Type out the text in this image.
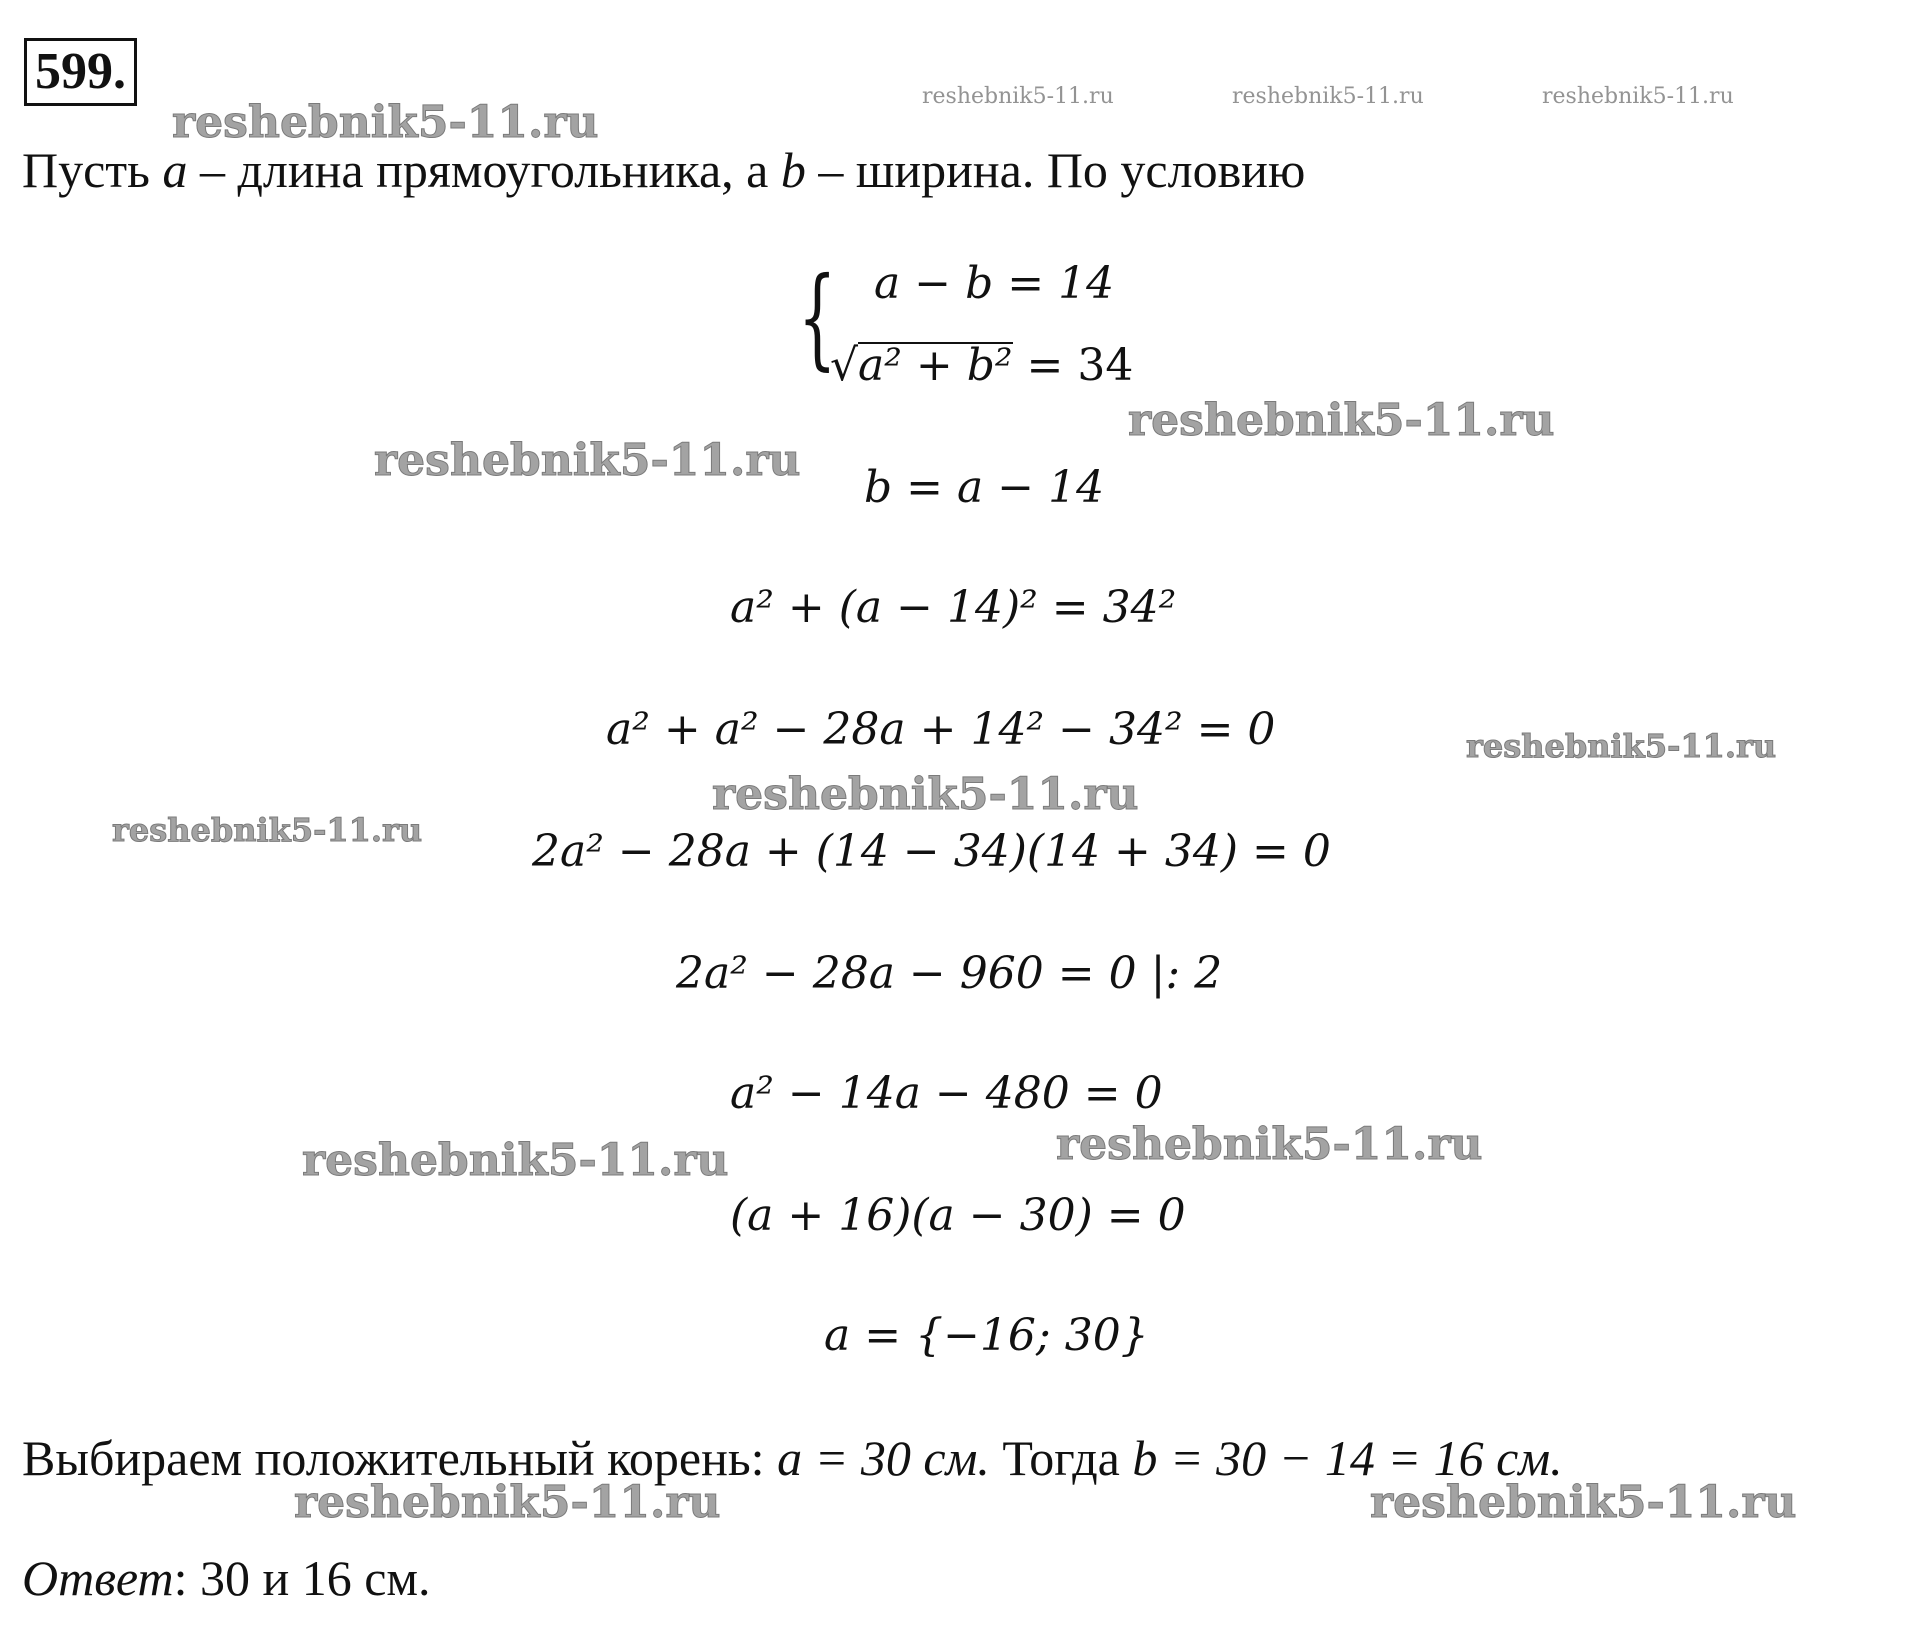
599.
reshebnik5-11.ru
reshebnik5-11.ru	reshebnik5-11.ru	reshebnik5-11.ru
reshebnik5-11.ru
reshebnik5-11.ru
reshebnik5-11.ru
reshebnik5-11.ru
reshebnik5-11.ru
reshebnik5-11.ru
reshebnik5-11.ru
reshebnik5-11.ru	reshebnik5-11.ru
Пусть a – длина прямоугольника, а b – ширина. По условию
{ a − b = 14
√
a² + b² = 34
b = a − 14
a² + (a − 14)² = 34²
a² + a² − 28a + 14² − 34² = 0
2a² − 28a + (14 − 34)(14 + 34) = 0
2a² − 28a − 960 = 0 |: 2
a² − 14a − 480 = 0
(a + 16)(a − 30) = 0
a = {−16; 30}
Выбираем положительный корень: a = 30 см. Тогда b = 30 − 14 = 16 см.
Ответ: 30 и 16 см.
